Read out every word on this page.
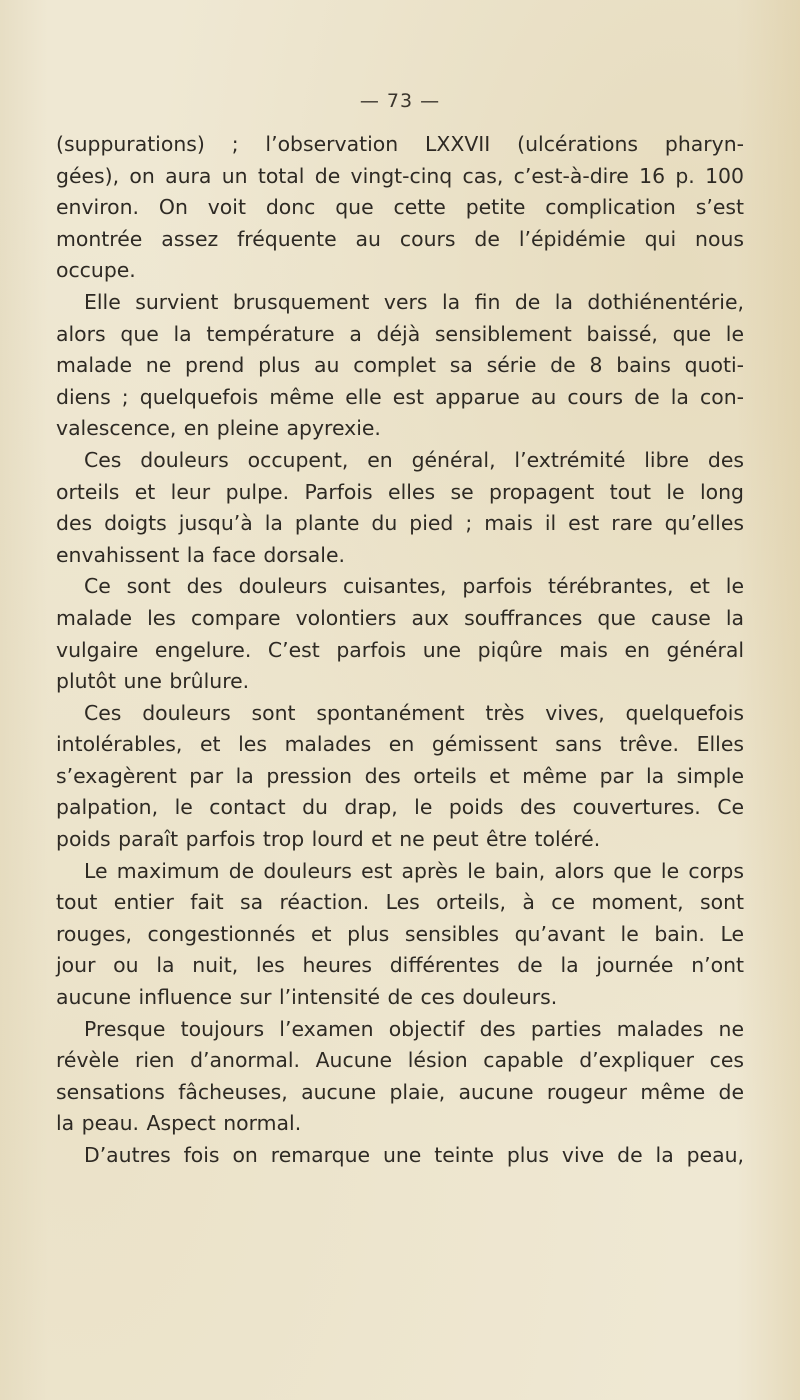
— 73 —
(suppurations) ; l’observation LXXVII (ulcérations pharyn-
gées), on aura un total de vingt-cinq cas, c’est-à-dire 16 p. 100
environ. On voit donc que cette petite complication s’est
montrée assez fréquente au cours de l’épidémie qui nous
occupe.
Elle survient brusquement vers la fin de la dothiénentérie,
alors que la température a déjà sensiblement baissé, que le
malade ne prend plus au complet sa série de 8 bains quoti-
diens ; quelquefois même elle est apparue au cours de la con-
valescence, en pleine apyrexie.
Ces douleurs occupent, en général, l’extrémité libre des
orteils et leur pulpe. Parfois elles se propagent tout le long
des doigts jusqu’à la plante du pied ; mais il est rare qu’elles
envahissent la face dorsale.
Ce sont des douleurs cuisantes, parfois térébrantes, et le
malade les compare volontiers aux souffrances que cause la
vulgaire engelure. C’est parfois une piqûre mais en général
plutôt une brûlure.
Ces douleurs sont spontanément très vives, quelquefois
intolérables, et les malades en gémissent sans trêve. Elles
s’exagèrent par la pression des orteils et même par la simple
palpation, le contact du drap, le poids des couvertures. Ce
poids paraît parfois trop lourd et ne peut être toléré.
Le maximum de douleurs est après le bain, alors que le corps
tout entier fait sa réaction. Les orteils, à ce moment, sont
rouges, congestionnés et plus sensibles qu’avant le bain. Le
jour ou la nuit, les heures différentes de la journée n’ont
aucune influence sur l’intensité de ces douleurs.
Presque toujours l’examen objectif des parties malades ne
révèle rien d’anormal. Aucune lésion capable d’expliquer ces
sensations fâcheuses, aucune plaie, aucune rougeur même de
la peau. Aspect normal.
D’autres fois on remarque une teinte plus vive de la peau,
